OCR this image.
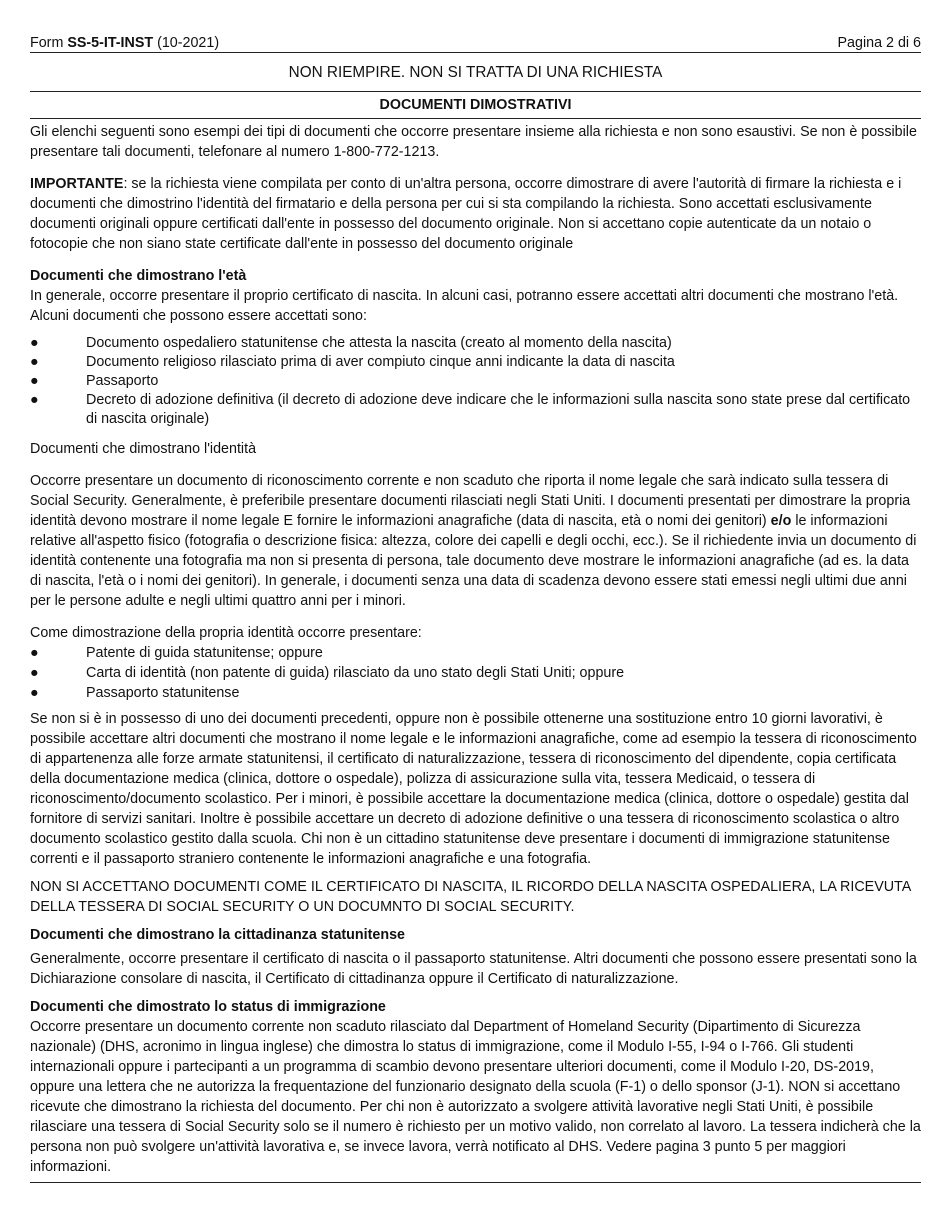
Form SS-5-IT-INST (10-2021)	Pagina 2 di 6
NON RIEMPIRE. NON SI TRATTA DI UNA RICHIESTA
DOCUMENTI DIMOSTRATIVI

Gli elenchi seguenti sono esempi dei tipi di documenti che occorre presentare insieme alla richiesta e non sono esaustivi. Se non è possibile presentare tali documenti, telefonare al numero 1-800-772-1213.

IMPORTANTE: se la richiesta viene compilata per conto di un'altra persona, occorre dimostrare di avere l'autorità di firmare la richiesta e i documenti che dimostrino l'identità del firmatario e della persona per cui si sta compilando la richiesta. Sono accettati esclusivamente documenti originali oppure certificati dall'ente in possesso del documento originale. Non si accettano copie autenticate da un notaio o fotocopie che non siano state certificate dall'ente in possesso del documento originale

Documenti che dimostrano l'età

In generale, occorre presentare il proprio certificato di nascita. In alcuni casi, potranno essere accettati altri documenti che mostrano l'età. Alcuni documenti che possono essere accettati sono:

●	Documento ospedaliero statunitense che attesta la nascita (creato al momento della nascita)
●	Documento religioso rilasciato prima di aver compiuto cinque anni indicante la data di nascita
●	Passaporto
●	Decreto di adozione definitiva (il decreto di adozione deve indicare che le informazioni sulla nascita sono state prese dal certificato di nascita originale)

Documenti che dimostrano l'identità

Occorre presentare un documento di riconoscimento corrente e non scaduto che riporta il nome legale che sarà indicato sulla tessera di Social Security. Generalmente, è preferibile presentare documenti rilasciati negli Stati Uniti. I documenti presentati per dimostrare la propria identità devono mostrare il nome legale E fornire le informazioni anagrafiche (data di nascita, età o nomi dei genitori) e/o le informazioni relative all'aspetto fisico (fotografia o descrizione fisica: altezza, colore dei capelli e degli occhi, ecc.). Se il richiedente invia un documento di identità contenente una fotografia ma non si presenta di persona, tale documento deve mostrare le informazioni anagrafiche (ad es. la data di nascita, l'età o i nomi dei genitori). In generale, i documenti senza una data di scadenza devono essere stati emessi negli ultimi due anni per le persone adulte e negli ultimi quattro anni per i minori.

Come dimostrazione della propria identità occorre presentare:

●	Patente di guida statunitense; oppure
●	Carta di identità (non patente di guida) rilasciato da uno stato degli Stati Uniti; oppure
●	Passaporto statunitense

Se non si è in possesso di uno dei documenti precedenti, oppure non è possibile ottenerne una sostituzione entro 10 giorni lavorativi, è possibile accettare altri documenti che mostrano il nome legale e le informazioni anagrafiche, come ad esempio la tessera di riconoscimento di appartenenza alle forze armate statunitensi, il certificato di naturalizzazione, tessera di riconoscimento del dipendente, copia certificata della documentazione medica (clinica, dottore o ospedale), polizza di assicurazione sulla vita, tessera Medicaid, o tessera di riconoscimento/documento scolastico. Per i minori, è possibile accettare la documentazione medica (clinica, dottore o ospedale) gestita dal fornitore di servizi sanitari. Inoltre è possibile accettare un decreto di adozione definitive o una tessera di riconoscimento scolastica o altro documento scolastico gestito dalla scuola. Chi non è un cittadino statunitense deve presentare i documenti di immigrazione statunitense correnti e il passaporto straniero contenente le informazioni anagrafiche e una fotografia.

NON SI ACCETTANO DOCUMENTI COME IL CERTIFICATO DI NASCITA, IL RICORDO DELLA NASCITA OSPEDALIERA, LA RICEVUTA DELLA TESSERA DI SOCIAL SECURITY O UN DOCUMNTO DI SOCIAL SECURITY.

Documenti che dimostrano la cittadinanza statunitense

Generalmente, occorre presentare il certificato di nascita o il passaporto statunitense. Altri documenti che possono essere presentati sono la Dichiarazione consolare di nascita, il Certificato di cittadinanza oppure il Certificato di naturalizzazione.

Documenti che dimostrato lo status di immigrazione

Occorre presentare un documento corrente non scaduto rilasciato dal Department of Homeland Security (Dipartimento di Sicurezza nazionale) (DHS, acronimo in lingua inglese) che dimostra lo status di immigrazione, come il Modulo I-55, I-94 o I-766. Gli studenti internazionali oppure i partecipanti a un programma di scambio devono presentare ulteriori documenti, come il Modulo I-20, DS-2019, oppure una lettera che ne autorizza la frequentazione del funzionario designato della scuola (F-1) o dello sponsor (J-1). NON si accettano ricevute che dimostrano la richiesta del documento. Per chi non è autorizzato a svolgere attività lavorative negli Stati Uniti, è possibile rilasciare una tessera di Social Security solo se il numero è richiesto per un motivo valido, non correlato al lavoro. La tessera indicherà che la persona non può svolgere un'attività lavorativa e, se invece lavora, verrà notificato al DHS. Vedere pagina 3 punto 5 per maggiori informazioni.
